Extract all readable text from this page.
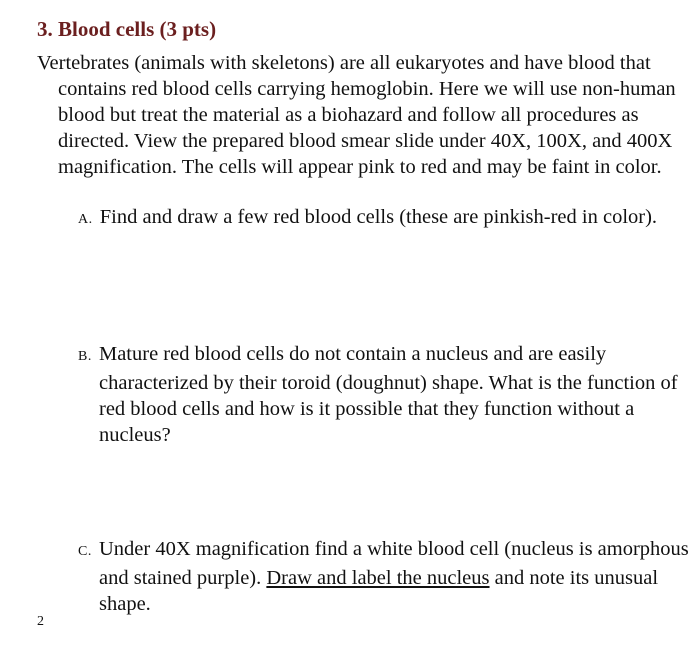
3. Blood cells (3 pts)

Vertebrates (animals with skeletons) are all eukaryotes and have blood that contains red blood cells carrying hemoglobin. Here we will use non-human blood but treat the material as a biohazard and follow all procedures as directed. View the prepared blood smear slide under 40X, 100X, and 400X magnification. The cells will appear pink to red and may be faint in color.

A. Find and draw a few red blood cells (these are pinkish-red in color).

B. Mature red blood cells do not contain a nucleus and are easily characterized by their toroid (doughnut) shape. What is the function of red blood cells and how is it possible that they function without a nucleus?

C. Under 40X magnification find a white blood cell (nucleus is amorphous and stained purple). Draw and label the nucleus and note its unusual shape.

2
